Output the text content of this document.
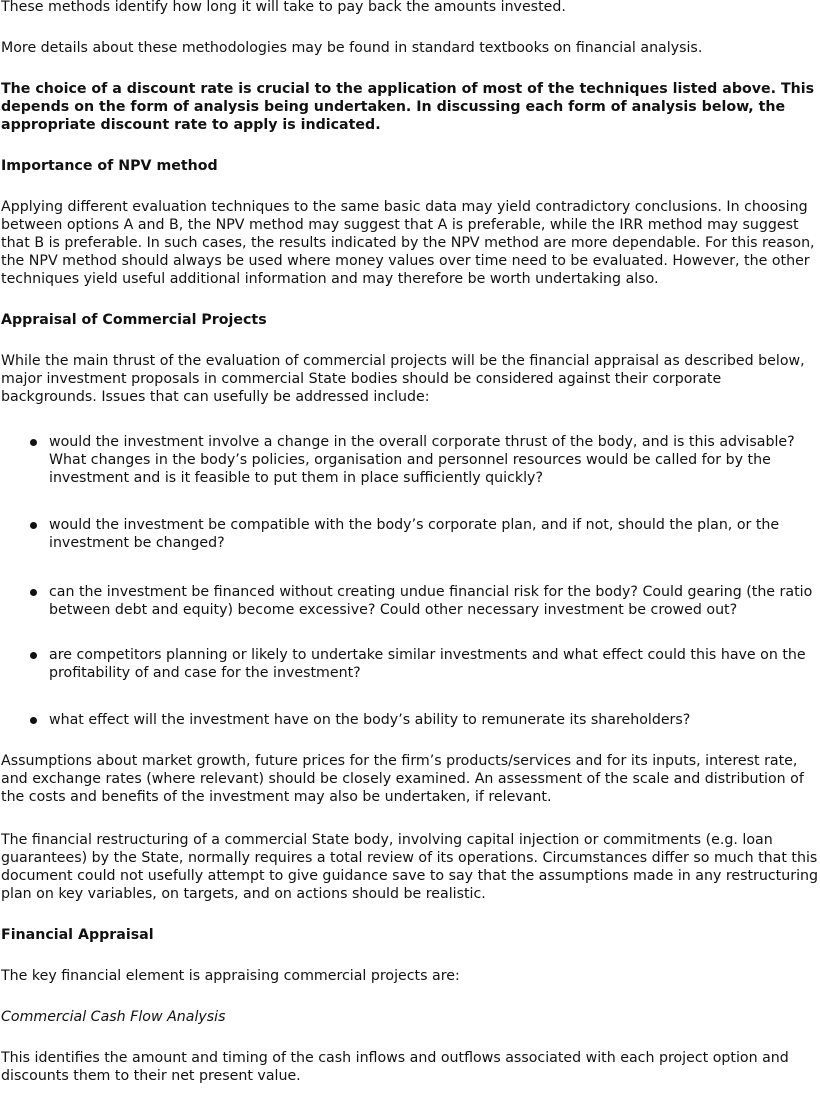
These methods identify how long it will take to pay back the amounts invested.

More details about these methodologies may be found in standard textbooks on financial analysis.

The choice of a discount rate is crucial to the application of most of the techniques listed above. This depends on the form of analysis being undertaken. In discussing each form of analysis below, the appropriate discount rate to apply is indicated.

Importance of NPV method

Applying different evaluation techniques to the same basic data may yield contradictory conclusions. In choosing between options A and B, the NPV method may suggest that A is preferable, while the IRR method may suggest that B is preferable. In such cases, the results indicated by the NPV method are more dependable. For this reason, the NPV method should always be used where money values over time need to be evaluated. However, the other techniques yield useful additional information and may therefore be worth undertaking also.

Appraisal of Commercial Projects

While the main thrust of the evaluation of commercial projects will be the financial appraisal as described below, major investment proposals in commercial State bodies should be considered against their corporate backgrounds. Issues that can usefully be addressed include:

would the investment involve a change in the overall corporate thrust of the body, and is this advisable? What changes in the body’s policies, organisation and personnel resources would be called for by the investment and is it feasible to put them in place sufficiently quickly?
would the investment be compatible with the body’s corporate plan, and if not, should the plan, or the investment be changed?
can the investment be financed without creating undue financial risk for the body? Could gearing (the ratio between debt and equity) become excessive? Could other necessary investment be crowed out?
are competitors planning or likely to undertake similar investments and what effect could this have on the profitability of and case for the investment?
what effect will the investment have on the body’s ability to remunerate its shareholders?

Assumptions about market growth, future prices for the firm’s products/services and for its inputs, interest rate, and exchange rates (where relevant) should be closely examined. An assessment of the scale and distribution of the costs and benefits of the investment may also be undertaken, if relevant.

The financial restructuring of a commercial State body, involving capital injection or commitments (e.g. loan guarantees) by the State, normally requires a total review of its operations. Circumstances differ so much that this document could not usefully attempt to give guidance save to say that the assumptions made in any restructuring plan on key variables, on targets, and on actions should be realistic.

Financial Appraisal

The key financial element is appraising commercial projects are:

Commercial Cash Flow Analysis

This identifies the amount and timing of the cash inflows and outflows associated with each project option and discounts them to their net present value.
